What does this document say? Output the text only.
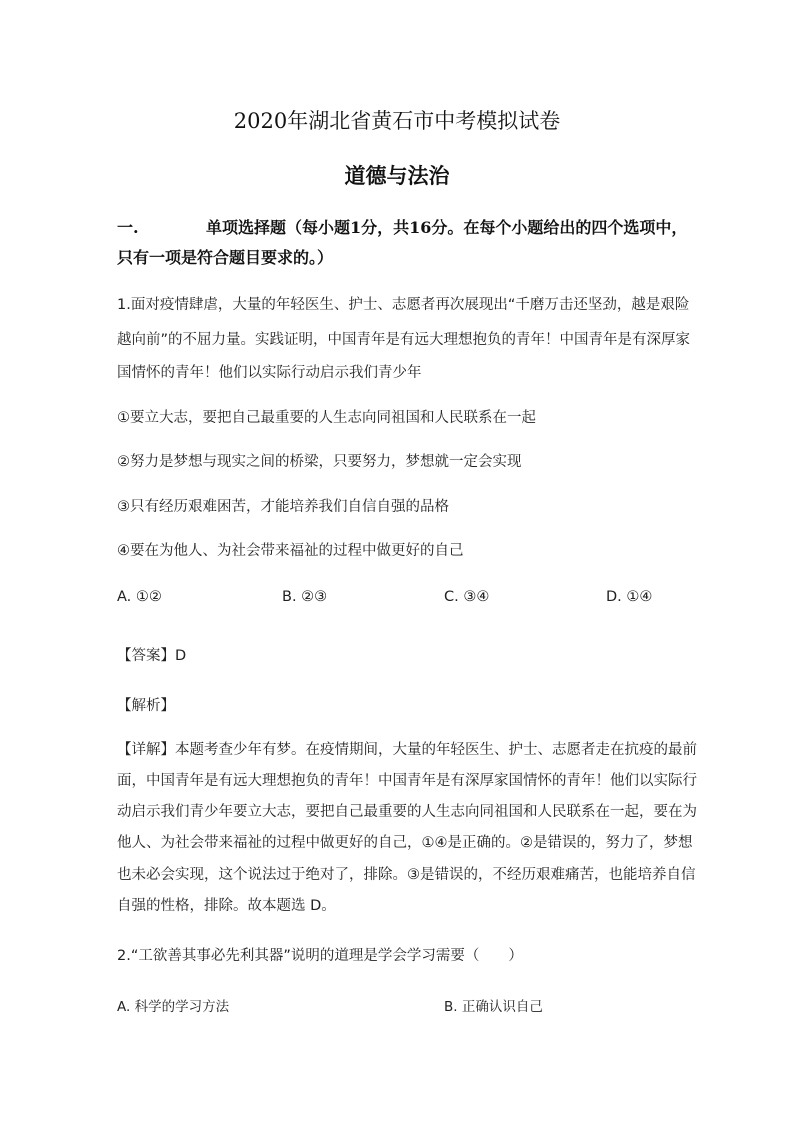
2020年湖北省黄石市中考模拟试卷
道德与法治
一.	单项选择题（每小题1分，共16分。在每个小题给出的四个选项中，
只有一项是符合题目要求的。）
1.面对疫情肆虐，大量的年轻医生、护士、志愿者再次展现出“千磨万击还坚劲，越是艰险
越向前”的不屈力量。实践证明，中国青年是有远大理想抱负的青年！中国青年是有深厚家
国情怀的青年！他们以实际行动启示我们青少年
①要立大志，要把自己最重要的人生志向同祖国和人民联系在一起
②努力是梦想与现实之间的桥梁，只要努力，梦想就一定会实现
③只有经历艰难困苦，才能培养我们自信自强的品格
④要在为他人、为社会带来福祉的过程中做更好的自己
A. ①②	B. ②③	C. ③④	D. ①④
【答案】D
【解析】
【详解】本题考查少年有梦。在疫情期间，大量的年轻医生、护士、志愿者走在抗疫的最前
面，中国青年是有远大理想抱负的青年！中国青年是有深厚家国情怀的青年！他们以实际行
动启示我们青少年要立大志，要把自己最重要的人生志向同祖国和人民联系在一起，要在为
他人、为社会带来福祉的过程中做更好的自己，①④是正确的。②是错误的，努力了，梦想
也未必会实现，这个说法过于绝对了，排除。③是错误的，不经历艰难痛苦，也能培养自信
自强的性格，排除。故本题选 D。
2.“工欲善其事必先利其器”说明的道理是学会学习需要（　　）
A. 科学的学习方法	B. 正确认识自己
